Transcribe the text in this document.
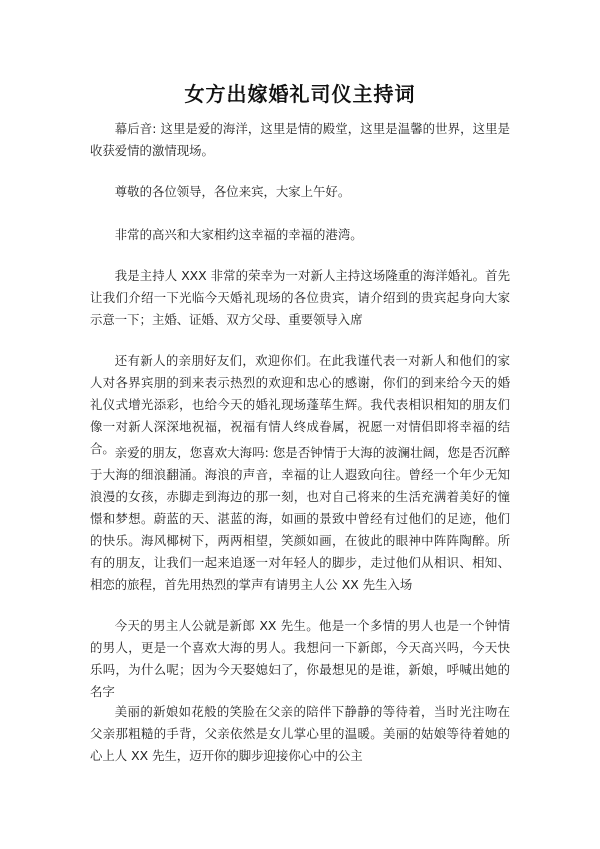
女方出嫁婚礼司仪主持词

幕后音: 这里是爱的海洋，这里是情的殿堂，这里是温馨的世界，这里是收获爱情的激情现场。

尊敬的各位领导，各位来宾，大家上午好。

非常的高兴和大家相约这幸福的幸福的港湾。

我是主持人 XXX 非常的荣幸为一对新人主持这场隆重的海洋婚礼。首先让我们介绍一下光临今天婚礼现场的各位贵宾，请介绍到的贵宾起身向大家示意一下；主婚、证婚、双方父母、重要领导入席

还有新人的亲朋好友们，欢迎你们。在此我谨代表一对新人和他们的家人对各界宾朋的到来表示热烈的欢迎和忠心的感谢，你们的到来给今天的婚礼仪式增光添彩，也给今天的婚礼现场蓬荜生辉。我代表相识相知的朋友们像一对新人深深地祝福，祝福有情人终成眷属，祝愿一对情侣即将幸福的结合。 亲爱的朋友，您喜欢大海吗: 您是否钟情于大海的波澜壮阔，您是否沉醉于大海的细浪翻涌。海浪的声音，幸福的让人遐致向往。曾经一个年少无知浪漫的女孩，赤脚走到海边的那一刻，也对自己将来的生活充满着美好的憧憬和梦想。蔚蓝的天、湛蓝的海，如画的景致中曾经有过他们的足迹，他们的快乐。海风椰树下，两两相望，笑颜如画，在彼此的眼神中阵阵陶醉。所有的朋友，让我们一起来追逐一对年轻人的脚步，走过他们从相识、相知、相恋的旅程，首先用热烈的掌声有请男主人公 XX 先生入场

今天的男主人公就是新郎 XX 先生。他是一个多情的男人也是一个钟情的男人，更是一个喜欢大海的男人。我想问一下新郎，今天高兴吗，今天快乐吗，为什么呢；因为今天娶媳妇了，你最想见的是谁，新娘，呼喊出她的名字

美丽的新娘如花般的笑脸在父亲的陪伴下静静的等待着，当时光注吻在父亲那粗糙的手背，父亲依然是女儿掌心里的温暖。美丽的姑娘等待着她的心上人 XX 先生，迈开你的脚步迎接你心中的公主
